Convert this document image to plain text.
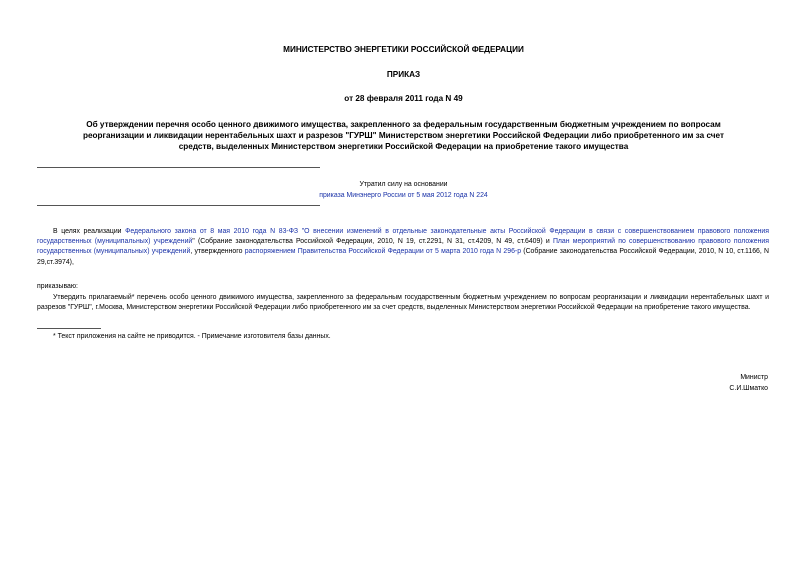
МИНИСТЕРСТВО ЭНЕРГЕТИКИ РОССИЙСКОЙ ФЕДЕРАЦИИ
ПРИКАЗ
от 28 февраля 2011 года N 49
Об утверждении перечня особо ценного движимого имущества, закрепленного за федеральным государственным бюджетным учреждением по вопросам
реорганизации и ликвидации нерентабельных шахт и разрезов "ГУРШ" Министерством энергетики Российской Федерации либо приобретенного им за счет
средств, выделенных Министерством энергетики Российской Федерации на приобретение такого имущества
Утратил силу на основании
приказа Минэнерго России от 5 мая 2012 года N 224
В целях реализации Федерального закона от 8 мая 2010 года N 83-ФЗ "О внесении изменений в отдельные законодательные акты Российской Федерации в связи с совершенствованием правового положения государственных (муниципальных) учреждений" (Собрание законодательства Российской Федерации, 2010, N 19, ст.2291, N 31, ст.4209, N 49, ст.6409) и План мероприятий по совершенствованию правового положения государственных (муниципальных) учреждений, утвержденного распоряжением Правительства Российской Федерации от 5 марта 2010 года N 296-р (Собрание законодательства Российской Федерации, 2010, N 10, ст.1166, N 29,ст.3974),
приказываю:
Утвердить прилагаемый* перечень особо ценного движимого имущества, закрепленного за федеральным государственным бюджетным учреждением по вопросам реорганизации и ликвидации нерентабельных шахт и разрезов "ГУРШ", г.Москва, Министерством энергетики Российской Федерации либо приобретенного им за счет средств, выделенных Министерством энергетики Российской Федерации на приобретение такого имущества.
* Текст приложения на сайте не приводится. - Примечание изготовителя базы данных.
Министр
С.И.Шматко
